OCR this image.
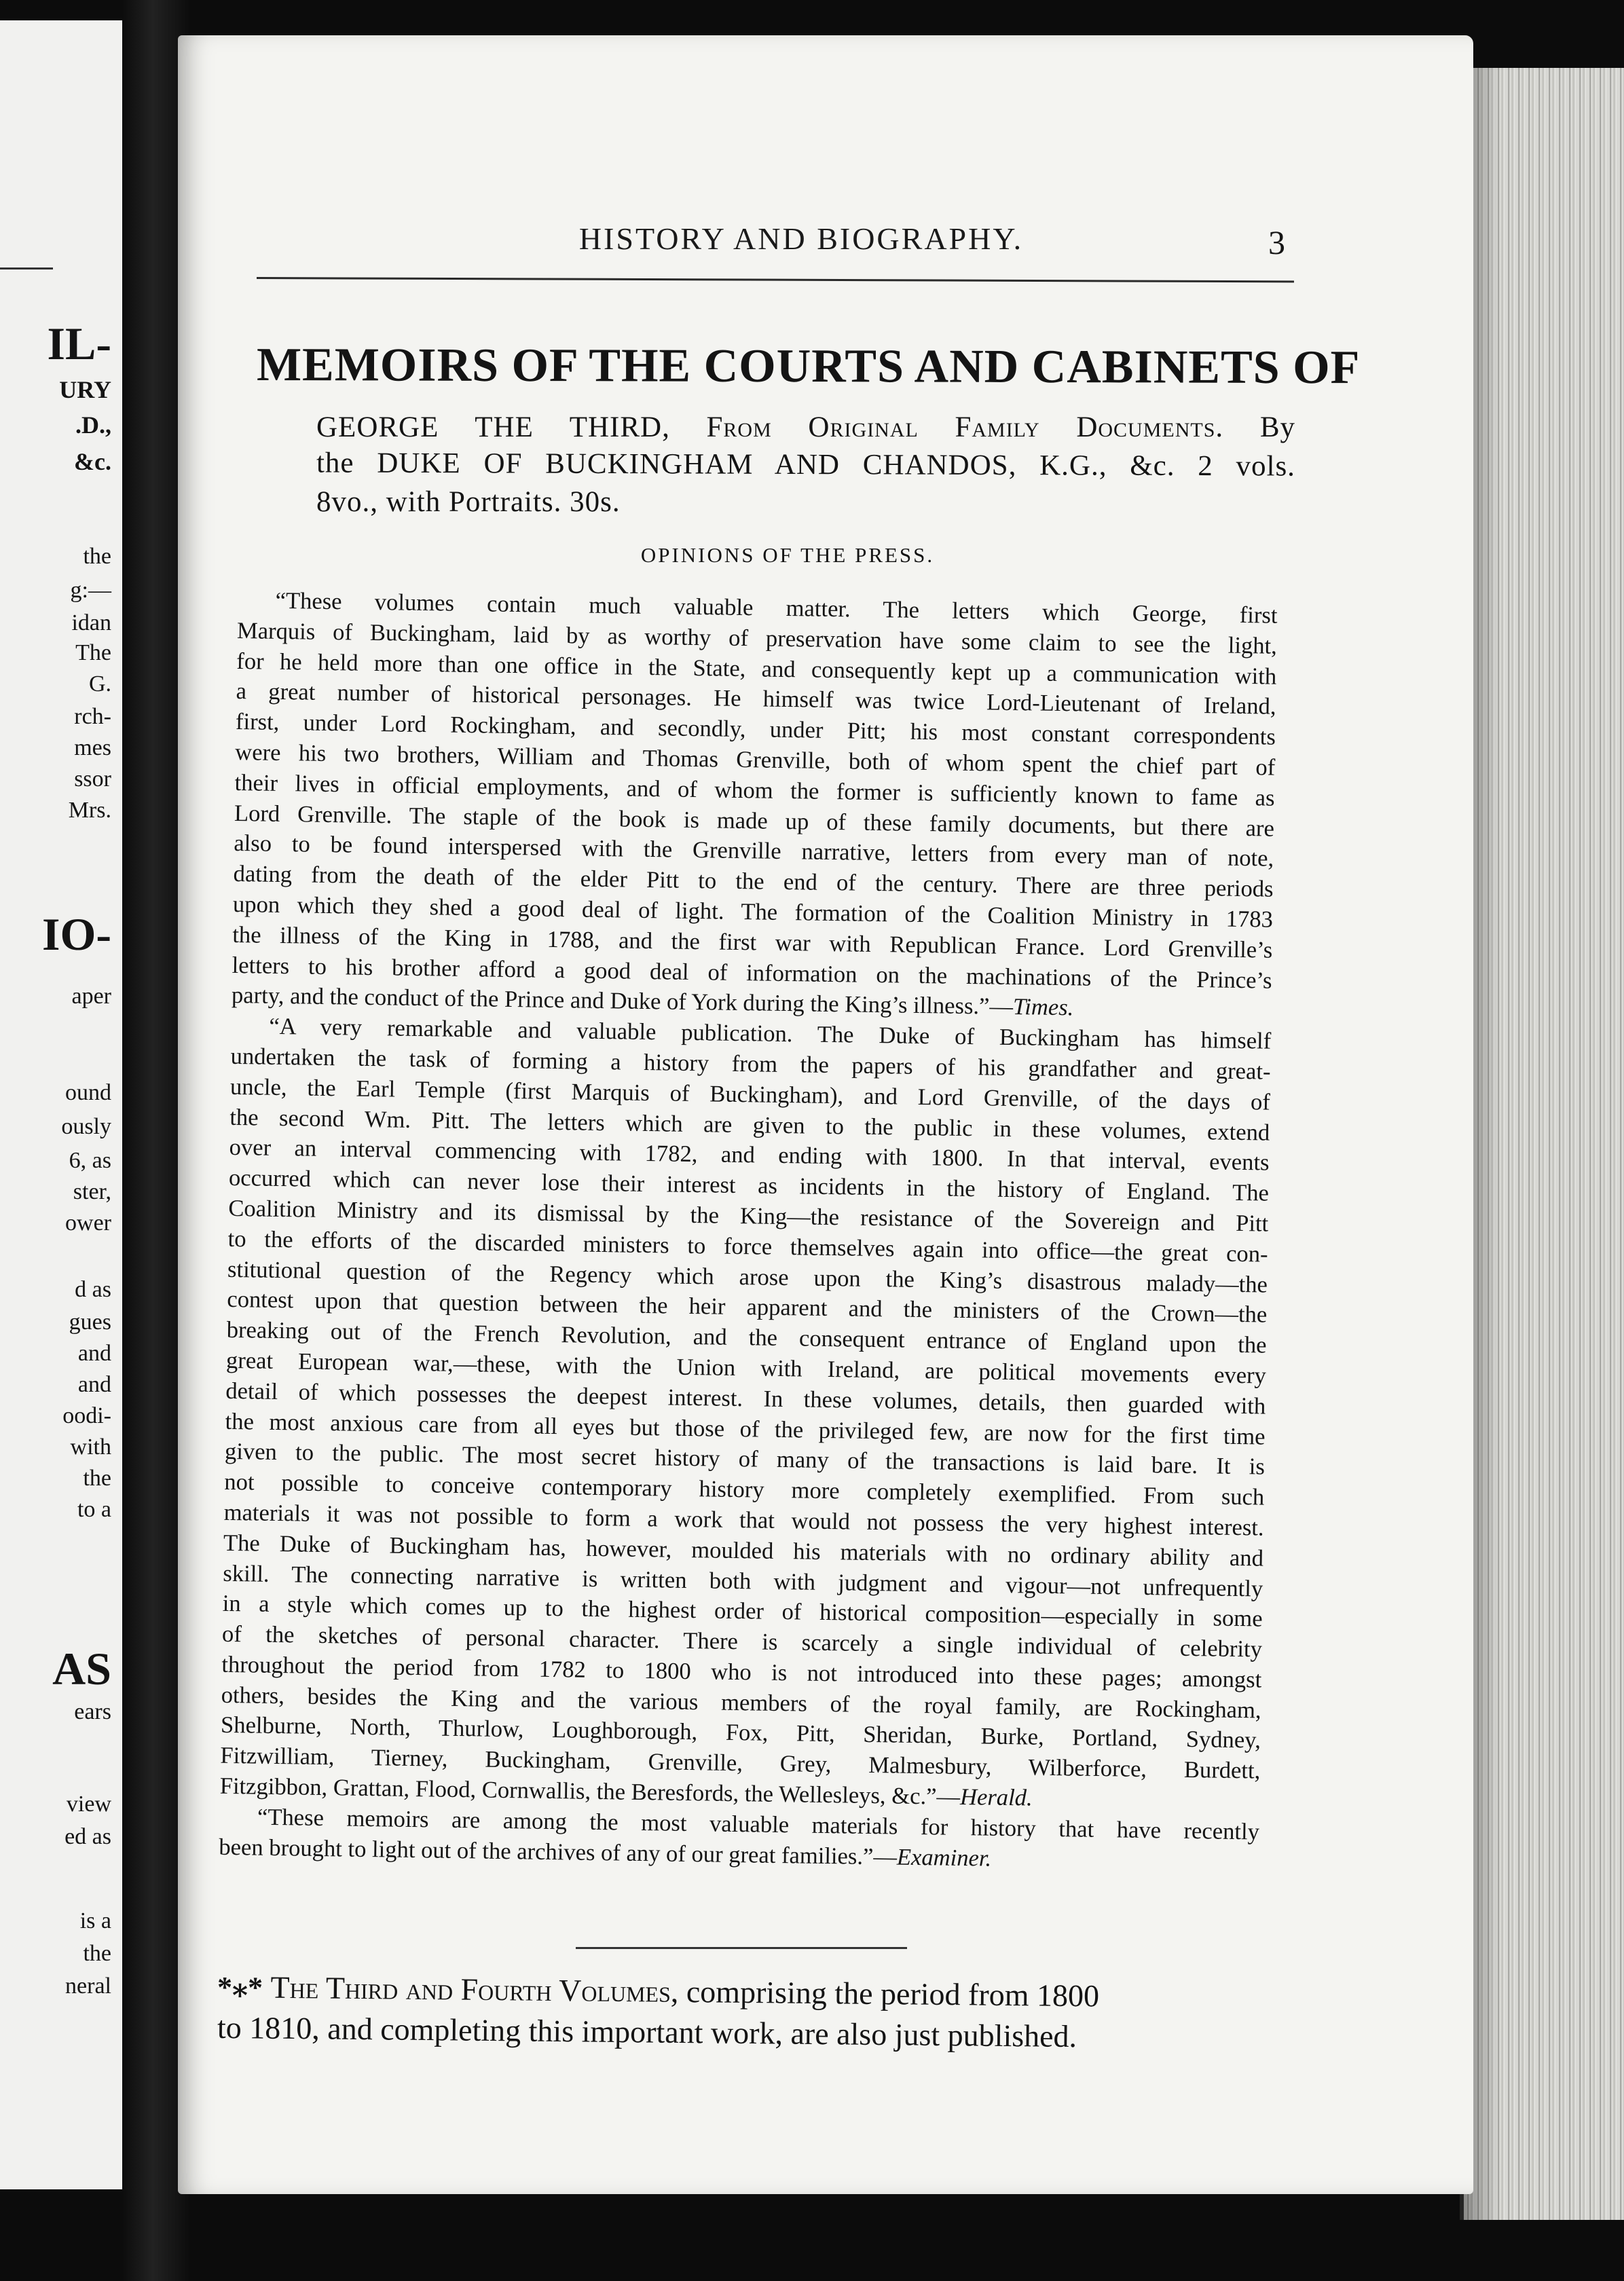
IL-
URY
.D.,
&c.
the
g:—
idan
The
G.
rch-
mes
ssor
Mrs.
IO-
aper
ound
ously
6, as
ster,
ower
d as
gues
and
and
oodi-
with
the
to a
AS
ears
view
ed as
is a
the
neral
HISTORY AND BIOGRAPHY.	3
MEMOIRS OF THE COURTS AND CABINETS OF
GEORGE THE THIRD, From Original Family Documents. By
the DUKE OF BUCKINGHAM AND CHANDOS, K.G., &c. 2 vols.
8vo., with Portraits. 30s.
OPINIONS OF THE PRESS.
“These volumes contain much valuable matter. The letters which George, first
Marquis of Buckingham, laid by as worthy of preservation have some claim to see the light,
for he held more than one office in the State, and consequently kept up a communication with
a great number of historical personages. He himself was twice Lord-Lieutenant of Ireland,
first, under Lord Rockingham, and secondly, under Pitt; his most constant correspondents
were his two brothers, William and Thomas Grenville, both of whom spent the chief part of
their lives in official employments, and of whom the former is sufficiently known to fame as
Lord Grenville. The staple of the book is made up of these family documents, but there are
also to be found interspersed with the Grenville narrative, letters from every man of note,
dating from the death of the elder Pitt to the end of the century. There are three periods
upon which they shed a good deal of light. The formation of the Coalition Ministry in 1783
the illness of the King in 1788, and the first war with Republican France. Lord Grenville’s
letters to his brother afford a good deal of information on the machinations of the Prince’s
party, and the conduct of the Prince and Duke of York during the King’s illness.”—Times.
“A very remarkable and valuable publication. The Duke of Buckingham has himself
undertaken the task of forming a history from the papers of his grandfather and great-
uncle, the Earl Temple (first Marquis of Buckingham), and Lord Grenville, of the days of
the second Wm. Pitt. The letters which are given to the public in these volumes, extend
over an interval commencing with 1782, and ending with 1800. In that interval, events
occurred which can never lose their interest as incidents in the history of England. The
Coalition Ministry and its dismissal by the King—the resistance of the Sovereign and Pitt
to the efforts of the discarded ministers to force themselves again into office—the great con-
stitutional question of the Regency which arose upon the King’s disastrous malady—the
contest upon that question between the heir apparent and the ministers of the Crown—the
breaking out of the French Revolution, and the consequent entrance of England upon the
great European war,—these, with the Union with Ireland, are political movements every
detail of which possesses the deepest interest. In these volumes, details, then guarded with
the most anxious care from all eyes but those of the privileged few, are now for the first time
given to the public. The most secret history of many of the transactions is laid bare. It is
not possible to conceive contemporary history more completely exemplified. From such
materials it was not possible to form a work that would not possess the very highest interest.
The Duke of Buckingham has, however, moulded his materials with no ordinary ability and
skill. The connecting narrative is written both with judgment and vigour—not unfrequently
in a style which comes up to the highest order of historical composition—especially in some
of the sketches of personal character. There is scarcely a single individual of celebrity
throughout the period from 1782 to 1800 who is not introduced into these pages; amongst
others, besides the King and the various members of the royal family, are Rockingham,
Shelburne, North, Thurlow, Loughborough, Fox, Pitt, Sheridan, Burke, Portland, Sydney,
Fitzwilliam, Tierney, Buckingham, Grenville, Grey, Malmesbury, Wilberforce, Burdett,
Fitzgibbon, Grattan, Flood, Cornwallis, the Beresfords, the Wellesleys, &c.”—Herald.
“These memoirs are among the most valuable materials for history that have recently
been brought to light out of the archives of any of our great families.”—Examiner.
*⁎* The Third and Fourth Volumes, comprising the period from 1800
to 1810, and completing this important work, are also just published.
